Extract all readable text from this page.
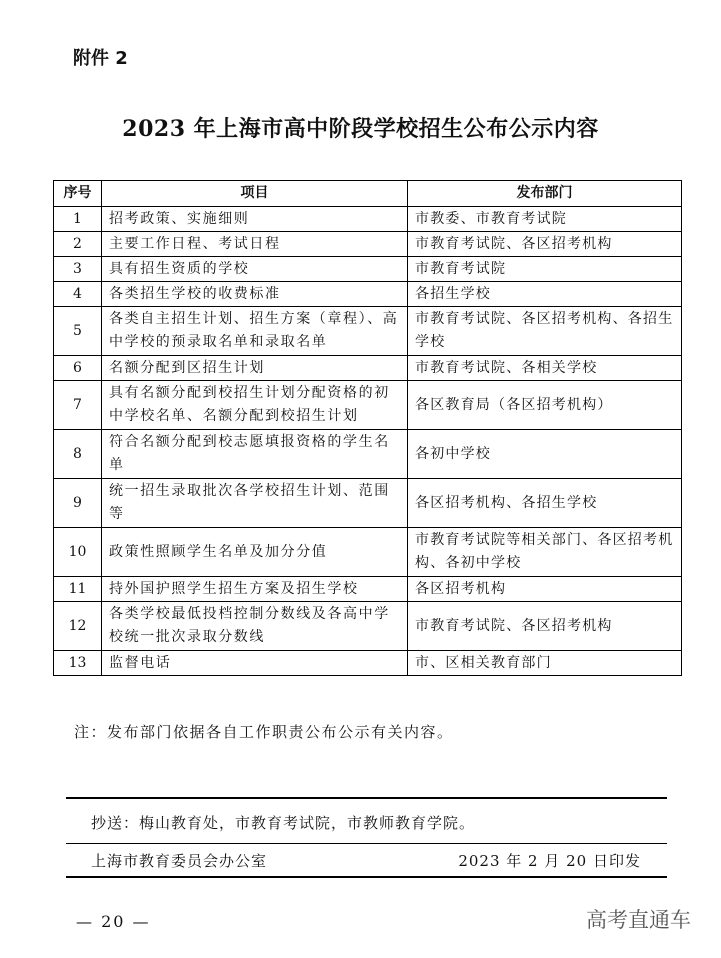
附件 2
2023 年上海市高中阶段学校招生公布公示内容
序号	项目	发布部门
1	招考政策、实施细则	市教委、市教育考试院
2	主要工作日程、考试日程	市教育考试院、各区招考机构
3	具有招生资质的学校	市教育考试院
4	各类招生学校的收费标准	各招生学校
5	各类自主招生计划、招生方案（章程）、高中学校的预录取名单和录取名单	市教育考试院、各区招考机构、各招生学校
6	名额分配到区招生计划	市教育考试院、各相关学校
7	具有名额分配到校招生计划分配资格的初中学校名单、名额分配到校招生计划	各区教育局（各区招考机构）
8	符合名额分配到校志愿填报资格的学生名单	各初中学校
9	统一招生录取批次各学校招生计划、范围等	各区招考机构、各招生学校
10	政策性照顾学生名单及加分分值	市教育考试院等相关部门、各区招考机构、各初中学校
11	持外国护照学生招生方案及招生学校	各区招考机构
12	各类学校最低投档控制分数线及各高中学校统一批次录取分数线	市教育考试院、各区招考机构
13	监督电话	市、区相关教育部门
注：发布部门依据各自工作职责公布公示有关内容。
抄送：梅山教育处，市教育考试院，市教师教育学院。
上海市教育委员会办公室	2023 年 2 月 20 日印发
— 20 —	高考直通车
